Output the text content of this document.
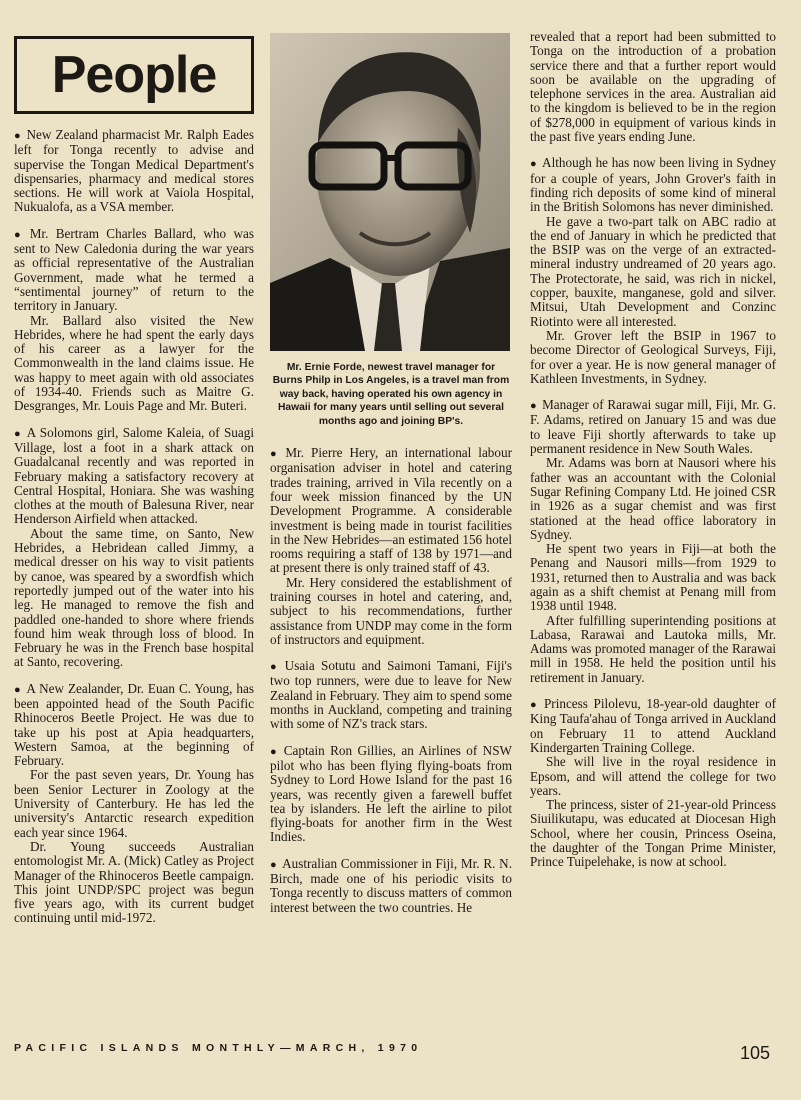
People

● New Zealand pharmacist Mr. Ralph Eades left for Tonga recently to advise and supervise the Tongan Medical Department's dispensaries, pharmacy and medical stores sections. He will work at Vaiola Hospital, Nukualofa, as a VSA member.

● Mr. Bertram Charles Ballard, who was sent to New Caledonia during the war years as official representative of the Australian Government, made what he termed a “sentimental journey” of return to the territory in January.

Mr. Ballard also visited the New Hebrides, where he had spent the early days of his career as a lawyer for the Commonwealth in the land claims issue. He was happy to meet again with old associates of 1934-40. Friends such as Maitre G. Desgranges, Mr. Louis Page and Mr. Buteri.

● A Solomons girl, Salome Kaleia, of Suagi Village, lost a foot in a shark attack on Guadalcanal recently and was reported in February making a satisfactory recovery at Central Hospital, Honiara. She was washing clothes at the mouth of Balesuna River, near Henderson Airfield when attacked.

About the same time, on Santo, New Hebrides, a Hebridean called Jimmy, a medical dresser on his way to visit patients by canoe, was speared by a swordfish which reportedly jumped out of the water into his leg. He managed to remove the fish and paddled one-handed to shore where friends found him weak through loss of blood. In February he was in the French base hospital at Santo, recovering.

● A New Zealander, Dr. Euan C. Young, has been appointed head of the South Pacific Rhinoceros Beetle Project. He was due to take up his post at Apia headquarters, Western Samoa, at the beginning of February.

For the past seven years, Dr. Young has been Senior Lecturer in Zoology at the University of Canterbury. He has led the university's Antarctic research expedition each year since 1964.

Dr. Young succeeds Australian entomologist Mr. A. (Mick) Catley as Project Manager of the Rhinoceros Beetle campaign. This joint UNDP/SPC project was begun five years ago, with its current budget continuing until mid-1972.

Mr. Ernie Forde, newest travel manager for Burns Philp in Los Angeles, is a travel man from way back, having operated his own agency in Hawaii for many years until selling out several months ago and joining BP's.

● Mr. Pierre Hery, an international labour organisation adviser in hotel and catering trades training, arrived in Vila recently on a four week mission financed by the UN Development Programme. A considerable investment is being made in tourist facilities in the New Hebrides—an estimated 156 hotel rooms requiring a staff of 138 by 1971—and at present there is only trained staff of 43.

Mr. Hery considered the establishment of training courses in hotel and catering, and, subject to his recommendations, further assistance from UNDP may come in the form of instructors and equipment.

● Usaia Sotutu and Saimoni Tamani, Fiji's two top runners, were due to leave for New Zealand in February. They aim to spend some months in Auckland, competing and training with some of NZ's track stars.

● Captain Ron Gillies, an Airlines of NSW pilot who has been flying flying-boats from Sydney to Lord Howe Island for the past 16 years, was recently given a farewell buffet tea by islanders. He left the airline to pilot flying-boats for another firm in the West Indies.

● Australian Commissioner in Fiji, Mr. R. N. Birch, made one of his periodic visits to Tonga recently to discuss matters of common interest between the two countries. He

revealed that a report had been submitted to Tonga on the introduction of a probation service there and that a further report would soon be available on the upgrading of telephone services in the area. Australian aid to the kingdom is believed to be in the region of $278,000 in equipment of various kinds in the past five years ending June.

● Although he has now been living in Sydney for a couple of years, John Grover's faith in finding rich deposits of some kind of mineral in the British Solomons has never diminished.

He gave a two-part talk on ABC radio at the end of January in which he predicted that the BSIP was on the verge of an extracted-mineral industry undreamed of 20 years ago. The Protectorate, he said, was rich in nickel, copper, bauxite, manganese, gold and silver. Mitsui, Utah Development and Conzinc Riotinto were all interested.

Mr. Grover left the BSIP in 1967 to become Director of Geological Surveys, Fiji, for over a year. He is now general manager of Kathleen Investments, in Sydney.

● Manager of Rarawai sugar mill, Fiji, Mr. G. F. Adams, retired on January 15 and was due to leave Fiji shortly afterwards to take up permanent residence in New South Wales.

Mr. Adams was born at Nausori where his father was an accountant with the Colonial Sugar Refining Company Ltd. He joined CSR in 1926 as a sugar chemist and was first stationed at the head office laboratory in Sydney.

He spent two years in Fiji—at both the Penang and Nausori mills—from 1929 to 1931, returned then to Australia and was back again as a shift chemist at Penang mill from 1938 until 1948.

After fulfilling superintending positions at Labasa, Rarawai and Lautoka mills, Mr. Adams was promoted manager of the Rarawai mill in 1958. He held the position until his retirement in January.

● Princess Pilolevu, 18-year-old daughter of King Taufa'ahau of Tonga arrived in Auckland on February 11 to attend Auckland Kindergarten Training College.

She will live in the royal residence in Epsom, and will attend the college for two years.

The princess, sister of 21-year-old Princess Siuilikutapu, was educated at Diocesan High School, where her cousin, Princess Oseina, the daughter of the Tongan Prime Minister, Prince Tuipelehake, is now at school.

PACIFIC ISLANDS MONTHLY—MARCH, 1970	105
